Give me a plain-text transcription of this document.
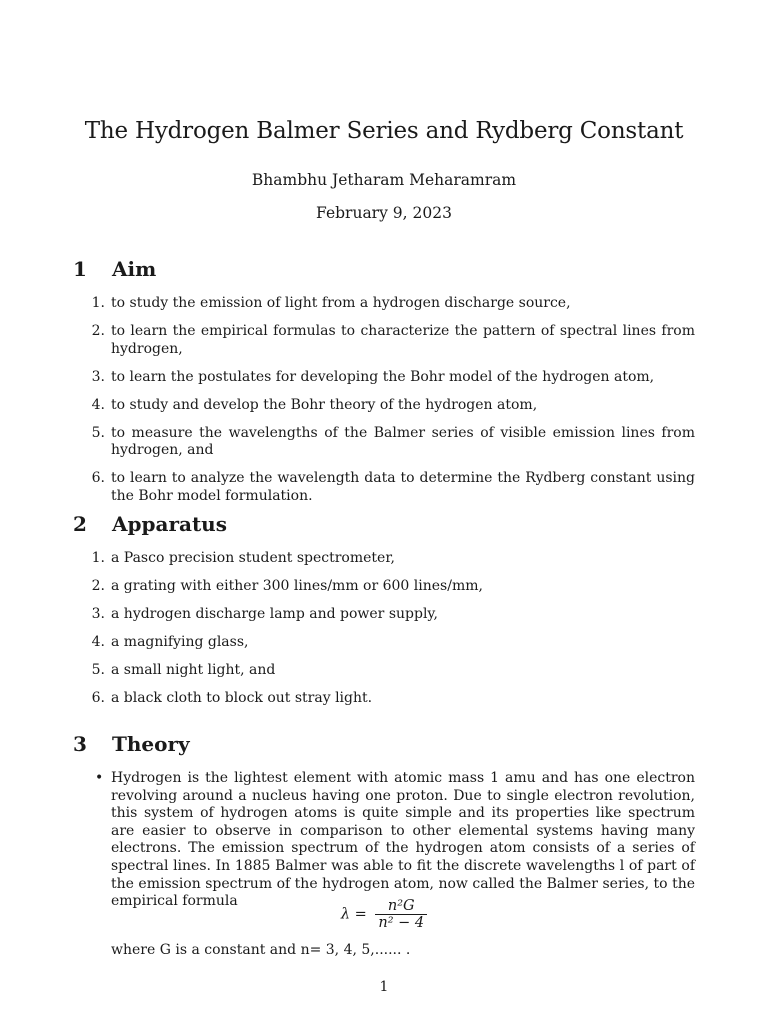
The Hydrogen Balmer Series and Rydberg Constant
Bhambhu Jetharam Meharamram
February 9, 2023
1 Aim
1. to study the emission of light from a hydrogen discharge source,
2. to learn the empirical formulas to characterize the pattern of spectral lines from hydrogen,
3. to learn the postulates for developing the Bohr model of the hydrogen atom,
4. to study and develop the Bohr theory of the hydrogen atom,
5. to measure the wavelengths of the Balmer series of visible emission lines from hydrogen, and
6. to learn to analyze the wavelength data to determine the Rydberg constant using the Bohr model formulation.
2 Apparatus
1. a Pasco precision student spectrometer,
2. a grating with either 300 lines/mm or 600 lines/mm,
3. a hydrogen discharge lamp and power supply,
4. a magnifying glass,
5. a small night light, and
6. a black cloth to block out stray light.
3 Theory
• Hydrogen is the lightest element with atomic mass 1 amu and has one electron revolving around a nucleus having one proton. Due to single electron revolution, this system of hydrogen atoms is quite simple and its properties like spectrum are easier to observe in comparison to other elemental systems having many electrons. The emission spectrum of the hydrogen atom consists of a series of spectral lines. In 1885 Balmer was able to fit the discrete wavelengths l of part of the emission spectrum of the hydrogen atom, now called the Balmer series, to the empirical formula
$\lambda = \frac{\text{n²G}}{\text{n² − 4}}$
where G is a constant and n= 3, 4, 5,...... .
1
